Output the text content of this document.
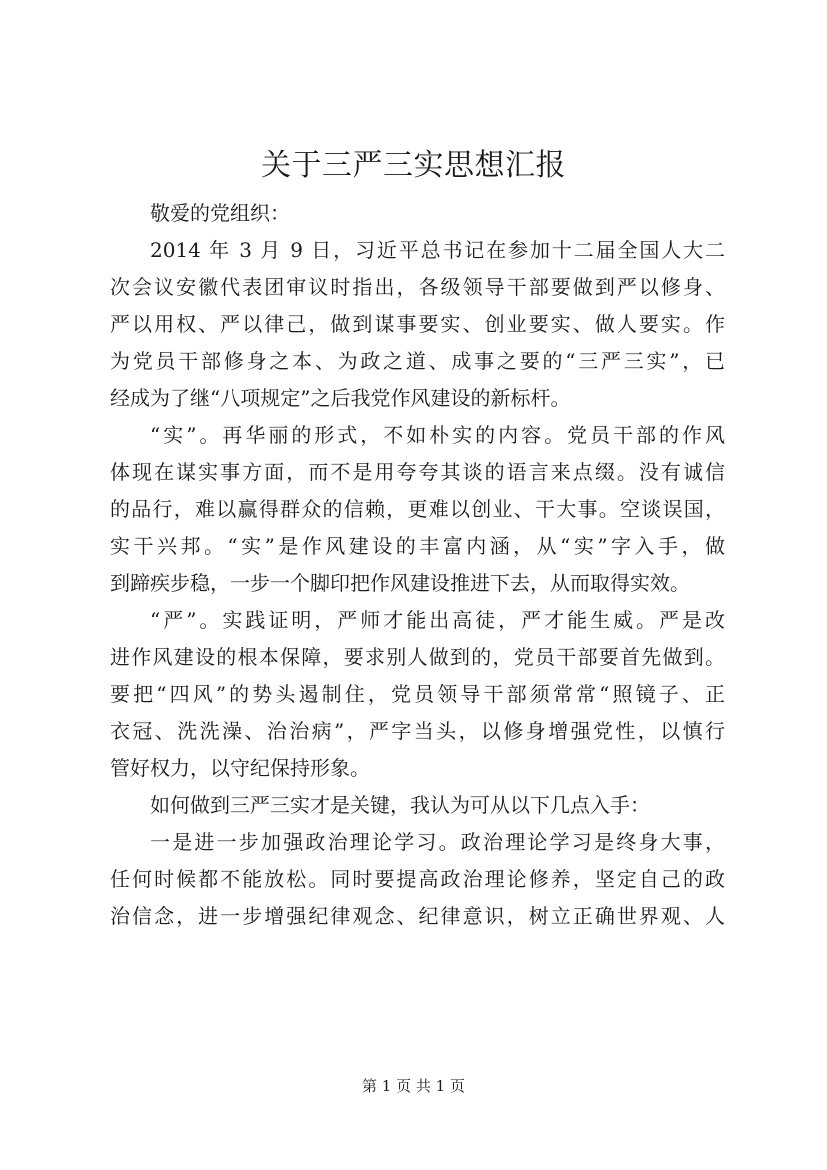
关于三严三实思想汇报
敬爱的党组织：
2014 年 3 月 9 日，习近平总书记在参加十二届全国人大二
次会议安徽代表团审议时指出，各级领导干部要做到严以修身、
严以用权、严以律己，做到谋事要实、创业要实、做人要实。作
为党员干部修身之本、为政之道、成事之要的“三严三实”，已
经成为了继“八项规定”之后我党作风建设的新标杆。
“实”。再华丽的形式，不如朴实的内容。党员干部的作风
体现在谋实事方面，而不是用夸夸其谈的语言来点缀。没有诚信
的品行，难以赢得群众的信赖，更难以创业、干大事。空谈误国，
实干兴邦。“实”是作风建设的丰富内涵，从“实”字入手，做
到蹄疾步稳，一步一个脚印把作风建设推进下去，从而取得实效。
“严”。实践证明，严师才能出高徒，严才能生威。严是改
进作风建设的根本保障，要求别人做到的，党员干部要首先做到。
要把“四风”的势头遏制住，党员领导干部须常常“照镜子、正
衣冠、洗洗澡、治治病”，严字当头，以修身增强党性，以慎行
管好权力，以守纪保持形象。
如何做到三严三实才是关键，我认为可从以下几点入手：
一是进一步加强政治理论学习。政治理论学习是终身大事，
任何时候都不能放松。同时要提高政治理论修养，坚定自己的政
治信念，进一步增强纪律观念、纪律意识，树立正确世界观、人
第 1 页 共 1 页
